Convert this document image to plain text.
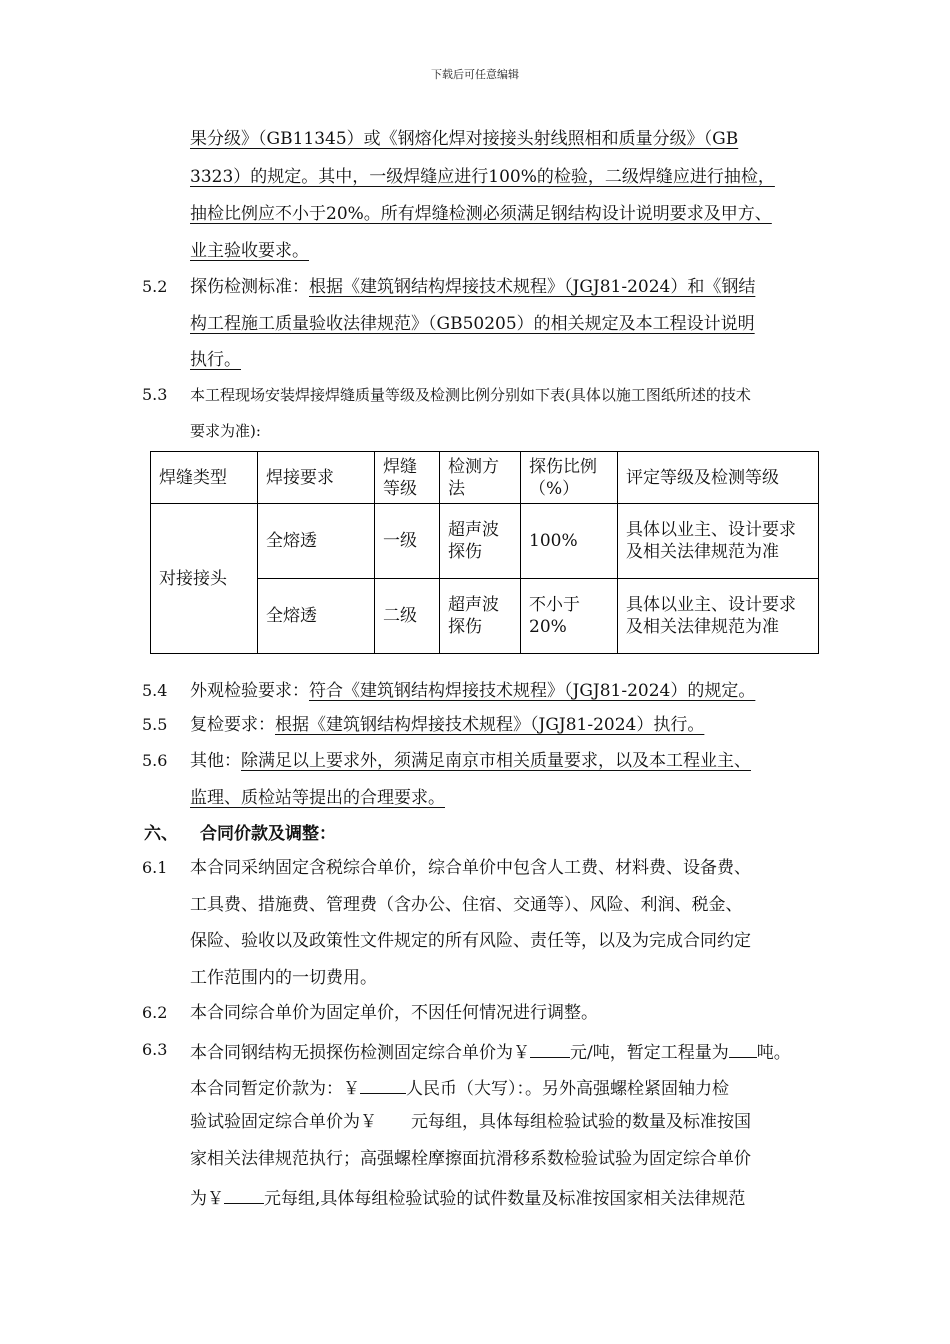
下载后可任意编辑
果分级》（GB11345）或《钢熔化焊对接接头射线照相和质量分级》（GB
3323）的规定。其中，一级焊缝应进行100%的检验，二级焊缝应进行抽检，
抽检比例应不小于20%。所有焊缝检测必须满足钢结构设计说明要求及甲方、
业主验收要求。
5.2 探伤检测标准：根据《建筑钢结构焊接技术规程》（JGJ81-2024）和《钢结
构工程施工质量验收法律规范》（GB50205）的相关规定及本工程设计说明
执行。
5.3 本工程现场安装焊接焊缝质量等级及检测比例分别如下表(具体以施工图纸所述的技术
要求为准):
焊缝类型	焊接要求	焊缝等级	检测方法	探伤比例（%）	评定等级及检测等级
对接接头	全熔透	一级	超声波探伤	100%	具体以业主、设计要求及相关法律规范为准

	全熔透	二级	超声波探伤	不小于20%	具体以业主、设计要求及相关法律规范为准
5.4 外观检验要求：符合《建筑钢结构焊接技术规程》（JGJ81-2024）的规定。
5.5 复检要求：根据《建筑钢结构焊接技术规程》（JGJ81-2024）执行。
5.6 其他：除满足以上要求外，须满足南京市相关质量要求，以及本工程业主、
监理、质检站等提出的合理要求。
六、 合同价款及调整：
6.1 本合同采纳固定含税综合单价，综合单价中包含人工费、材料费、设备费、
工具费、措施费、管理费（含办公、住宿、交通等）、风险、利润、税金、
保险、验收以及政策性文件规定的所有风险、责任等，以及为完成合同约定
工作范围内的一切费用。
6.2 本合同综合单价为固定单价，不因任何情况进行调整。
6.3 本合同钢结构无损探伤检测固定综合单价为￥ 元/吨，暂定工程量为 吨。
本合同暂定价款为：￥	人民币（大写）：。另外高强螺栓紧固轴力检
验试验固定综合单价为￥　　元每组，具体每组检验试验的数量及标准按国
家相关法律规范执行；高强螺栓摩擦面抗滑移系数检验试验为固定综合单价
为￥ 元每组,具体每组检验试验的试件数量及标准按国家相关法律规范
